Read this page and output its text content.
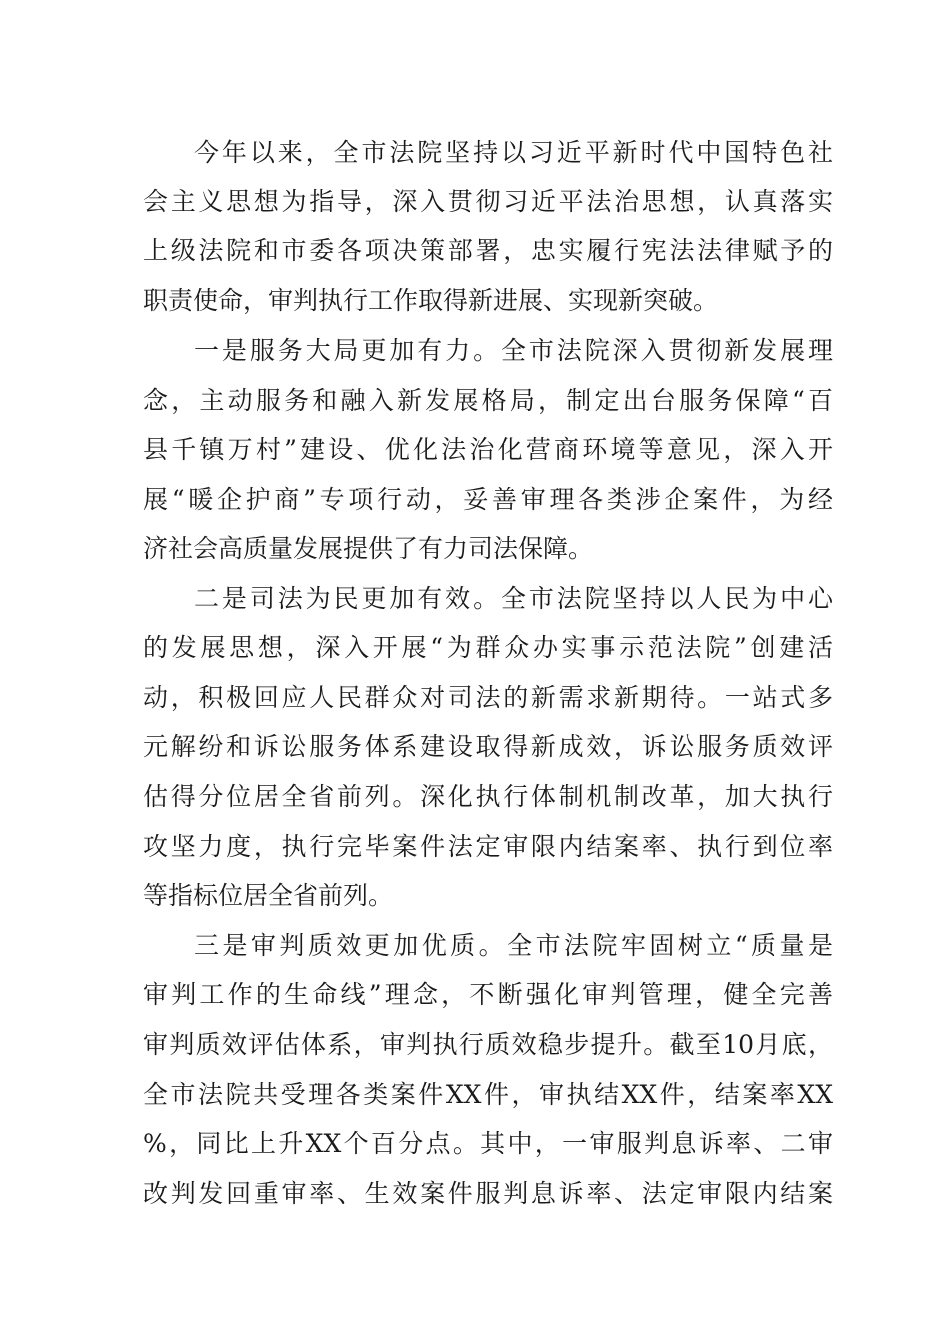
今年以来，全市法院坚持以习近平新时代中国特色社
会主义思想为指导，深入贯彻习近平法治思想，认真落实
上级法院和市委各项决策部署，忠实履行宪法法律赋予的
职责使命，审判执行工作取得新进展、实现新突破。
一是服务大局更加有力。全市法院深入贯彻新发展理
念，主动服务和融入新发展格局，制定出台服务保障“百
县千镇万村”建设、优化法治化营商环境等意见，深入开
展“暖企护商”专项行动，妥善审理各类涉企案件，为经
济社会高质量发展提供了有力司法保障。
二是司法为民更加有效。全市法院坚持以人民为中心
的发展思想，深入开展“为群众办实事示范法院”创建活
动，积极回应人民群众对司法的新需求新期待。一站式多
元解纷和诉讼服务体系建设取得新成效，诉讼服务质效评
估得分位居全省前列。深化执行体制机制改革，加大执行
攻坚力度，执行完毕案件法定审限内结案率、执行到位率
等指标位居全省前列。
三是审判质效更加优质。全市法院牢固树立“质量是
审判工作的生命线”理念，不断强化审判管理，健全完善
审判质效评估体系，审判执行质效稳步提升。截至10月底，
全市法院共受理各类案件XX件，审执结XX件，结案率XX
%，同比上升XX个百分点。其中，一审服判息诉率、二审
改判发回重审率、生效案件服判息诉率、法定审限内结案
